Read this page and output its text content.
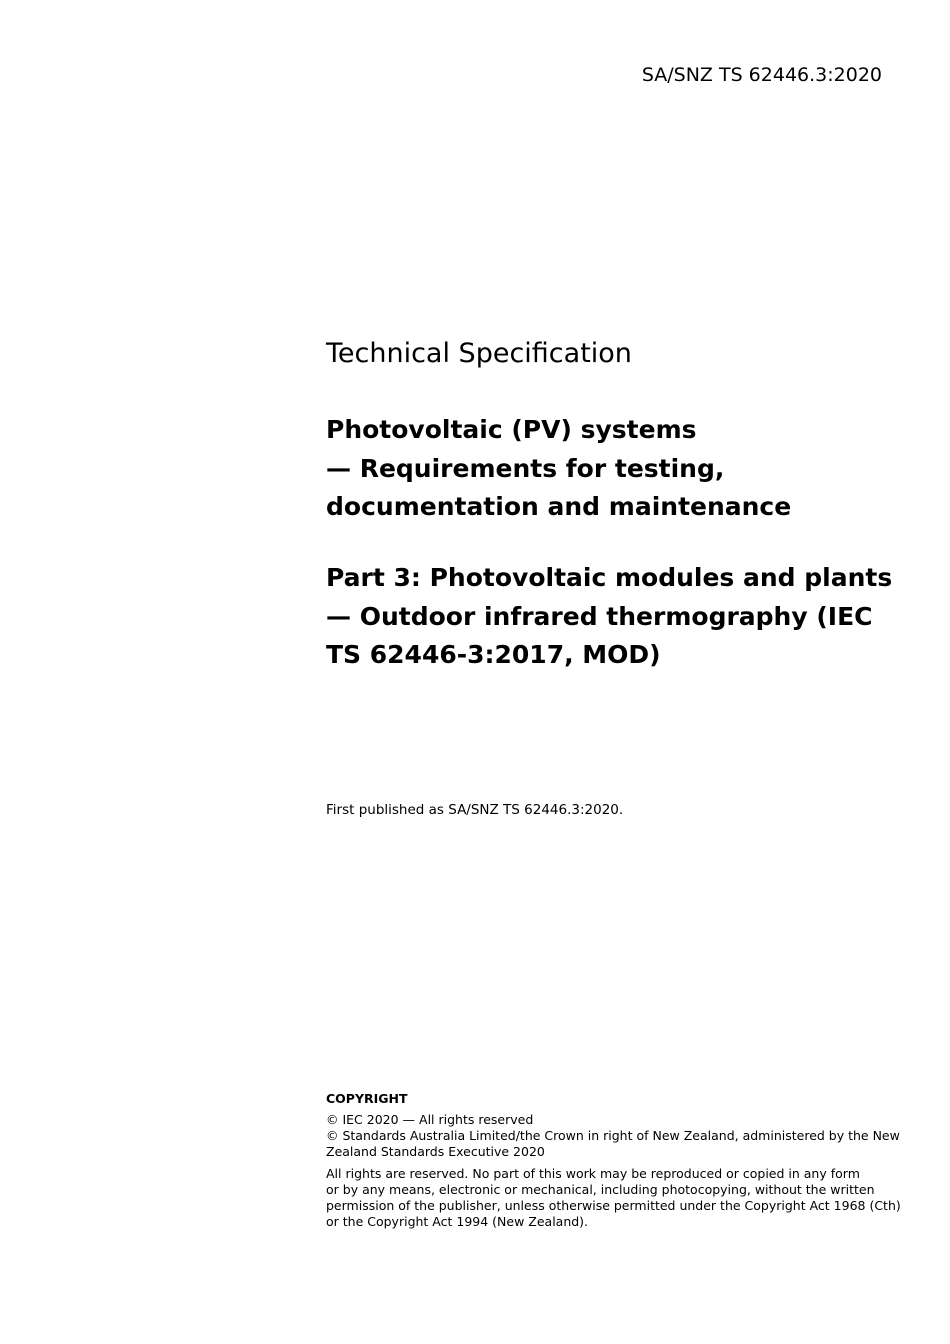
SA/SNZ TS 62446.3:2020
Technical Specification
Photovoltaic (PV) systems
— Requirements for testing,
documentation and maintenance
Part 3: Photovoltaic modules and plants
— Outdoor infrared thermography (IEC
TS 62446-3:2017, MOD)
First published as SA/SNZ TS 62446.3:2020.
COPYRIGHT
© IEC 2020 — All rights reserved
© Standards Australia Limited/the Crown in right of New Zealand, administered by the New
Zealand Standards Executive 2020
All rights are reserved. No part of this work may be reproduced or copied in any form
or by any means, electronic or mechanical, including photocopying, without the written
permission of the publisher, unless otherwise permitted under the Copyright Act 1968 (Cth)
or the Copyright Act 1994 (New Zealand).
